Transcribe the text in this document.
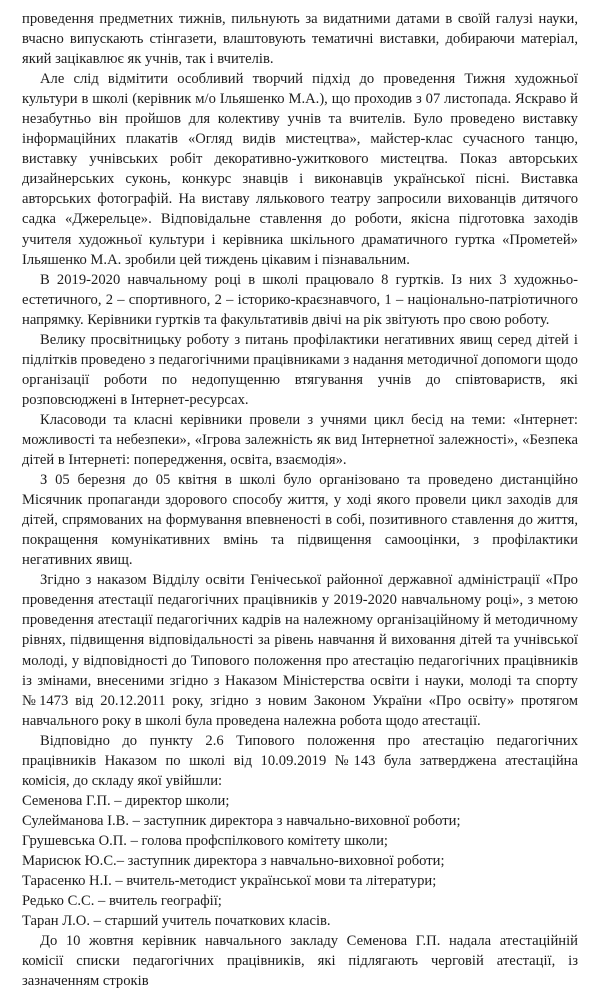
проведення предметних тижнів, пильнують за видатними датами в своїй галузі науки, вчасно випускають стінгазети, влаштовують тематичні виставки, добираючи матеріал, який зацікавлює як учнів, так і вчителів.

Але слід відмітити особливий творчий підхід до проведення Тижня художньої культури в школі (керівник м/о Ільяшенко М.А.), що проходив з 07 листопада. Яскраво й незабутньо він пройшов для колективу учнів та вчителів. Було проведено виставку інформаційних плакатів «Огляд видів мистецтва», майстер-клас сучасного танцю, виставку учнівських робіт декоративно-ужиткового мистецтва. Показ авторських дизайнерських суконь, конкурс знавців і виконавців української пісні. Виставка авторських фотографій. На виставу лялькового театру запросили вихованців дитячого садка «Джерельце». Відповідальне ставлення до роботи, якісна підготовка заходів учителя художньої культури і керівника шкільного драматичного гуртка «Прометей» Ільяшенко М.А. зробили цей тиждень цікавим і пізнавальним.

В 2019-2020 навчальному році в школі працювало 8 гуртків. Із них 3 художньо-естетичного, 2 – спортивного, 2 – історико-краєзнавчого, 1 – національно-патріотичного напрямку. Керівники гуртків та факультативів двічі на рік звітують про свою роботу.

Велику просвітницьку роботу з питань профілактики негативних явищ серед дітей і підлітків проведено з педагогічними працівниками з надання методичної допомоги щодо організації роботи по недопущенню втягування учнів до співтовариств, які розповсюджені в Інтернет-ресурсах.

Класоводи та класні керівники провели з учнями цикл бесід на теми: «Інтернет: можливості та небезпеки», «Ігрова залежність як вид Інтернетної залежності», «Безпека дітей в Інтернеті: попередження, освіта, взаємодія».

З 05 березня до 05 квітня в школі було організовано та проведено дистанційно Місячник пропаганди здорового способу життя, у ході якого провели цикл заходів для дітей, спрямованих на формування впевненості в собі, позитивного ставлення до життя, покращення комунікативних вмінь та підвищення самооцінки, з профілактики негативних явищ.

Згідно з наказом Відділу освіти Генічеської районної державної адміністрації «Про проведення атестації педагогічних працівників у 2019-2020 навчальному році», з метою проведення атестації педагогічних кадрів на належному організаційному й методичному рівнях, підвищення відповідальності за рівень навчання й виховання дітей та учнівської молоді, у відповідності до Типового положення про атестацію педагогічних працівників із змінами, внесеними згідно з Наказом Міністерства освіти і науки, молоді та спорту №1473 від 20.12.2011 року, згідно з новим Законом України «Про освіту» протягом навчального року в школі була проведена належна робота щодо атестації.

Відповідно до пункту 2.6 Типового положення про атестацію педагогічних працівників Наказом по школі від 10.09.2019 №143 була затверджена атестаційна комісія, до складу якої увійшли:

Семенова Г.П. – директор школи;

Сулейманова І.В. – заступник директора з навчально-виховної роботи;

Грушевська О.П. – голова профспілкового комітету школи;

Марисюк Ю.С.– заступник директора з навчально-виховної роботи;

Тарасенко Н.І. – вчитель-методист української мови та літератури;

Редько С.С. – вчитель географії;

Таран Л.О. – старший учитель початкових класів.

До 10 жовтня керівник навчального закладу Семенова Г.П. надала атестаційній комісії списки педагогічних працівників, які підлягають черговій атестації, із зазначенням строків
